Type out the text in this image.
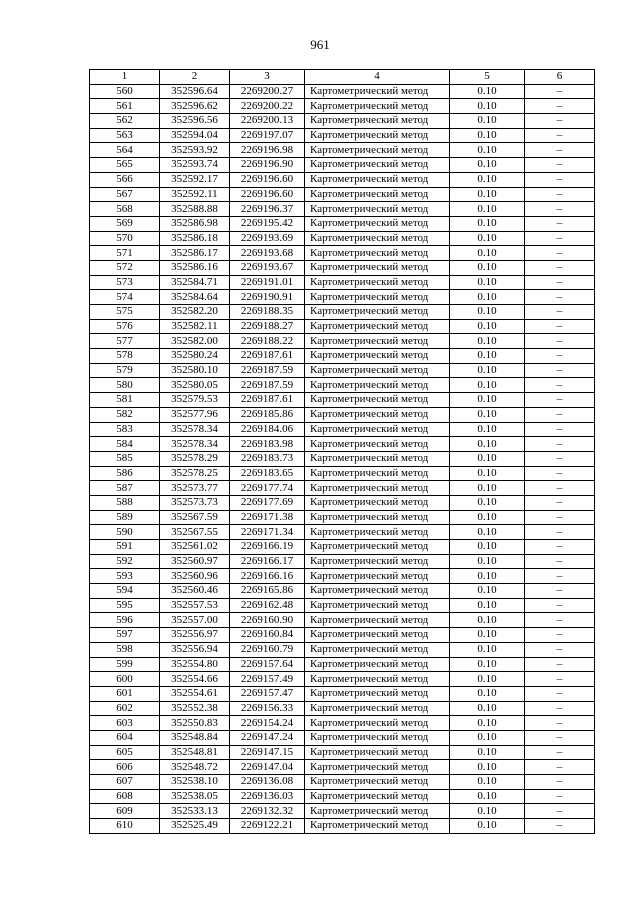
961
1	2	3	4	5	6
560	352596.64	2269200.27	Картометрический метод	0.10	–
561	352596.62	2269200.22	Картометрический метод	0.10	–
562	352596.56	2269200.13	Картометрический метод	0.10	–
563	352594.04	2269197.07	Картометрический метод	0.10	–
564	352593.92	2269196.98	Картометрический метод	0.10	–
565	352593.74	2269196.90	Картометрический метод	0.10	–
566	352592.17	2269196.60	Картометрический метод	0.10	–
567	352592.11	2269196.60	Картометрический метод	0.10	–
568	352588.88	2269196.37	Картометрический метод	0.10	–
569	352586.98	2269195.42	Картометрический метод	0.10	–
570	352586.18	2269193.69	Картометрический метод	0.10	–
571	352586.17	2269193.68	Картометрический метод	0.10	–
572	352586.16	2269193.67	Картометрический метод	0.10	–
573	352584.71	2269191.01	Картометрический метод	0.10	–
574	352584.64	2269190.91	Картометрический метод	0.10	–
575	352582.20	2269188.35	Картометрический метод	0.10	–
576	352582.11	2269188.27	Картометрический метод	0.10	–
577	352582.00	2269188.22	Картометрический метод	0.10	–
578	352580.24	2269187.61	Картометрический метод	0.10	–
579	352580.10	2269187.59	Картометрический метод	0.10	–
580	352580.05	2269187.59	Картометрический метод	0.10	–
581	352579.53	2269187.61	Картометрический метод	0.10	–
582	352577.96	2269185.86	Картометрический метод	0.10	–
583	352578.34	2269184.06	Картометрический метод	0.10	–
584	352578.34	2269183.98	Картометрический метод	0.10	–
585	352578.29	2269183.73	Картометрический метод	0.10	–
586	352578.25	2269183.65	Картометрический метод	0.10	–
587	352573.77	2269177.74	Картометрический метод	0.10	–
588	352573.73	2269177.69	Картометрический метод	0.10	–
589	352567.59	2269171.38	Картометрический метод	0.10	–
590	352567.55	2269171.34	Картометрический метод	0.10	–
591	352561.02	2269166.19	Картометрический метод	0.10	–
592	352560.97	2269166.17	Картометрический метод	0.10	–
593	352560.96	2269166.16	Картометрический метод	0.10	–
594	352560.46	2269165.86	Картометрический метод	0.10	–
595	352557.53	2269162.48	Картометрический метод	0.10	–
596	352557.00	2269160.90	Картометрический метод	0.10	–
597	352556.97	2269160.84	Картометрический метод	0.10	–
598	352556.94	2269160.79	Картометрический метод	0.10	–
599	352554.80	2269157.64	Картометрический метод	0.10	–
600	352554.66	2269157.49	Картометрический метод	0.10	–
601	352554.61	2269157.47	Картометрический метод	0.10	–
602	352552.38	2269156.33	Картометрический метод	0.10	–
603	352550.83	2269154.24	Картометрический метод	0.10	–
604	352548.84	2269147.24	Картометрический метод	0.10	–
605	352548.81	2269147.15	Картометрический метод	0.10	–
606	352548.72	2269147.04	Картометрический метод	0.10	–
607	352538.10	2269136.08	Картометрический метод	0.10	–
608	352538.05	2269136.03	Картометрический метод	0.10	–
609	352533.13	2269132.32	Картометрический метод	0.10	–
610	352525.49	2269122.21	Картометрический метод	0.10	–
